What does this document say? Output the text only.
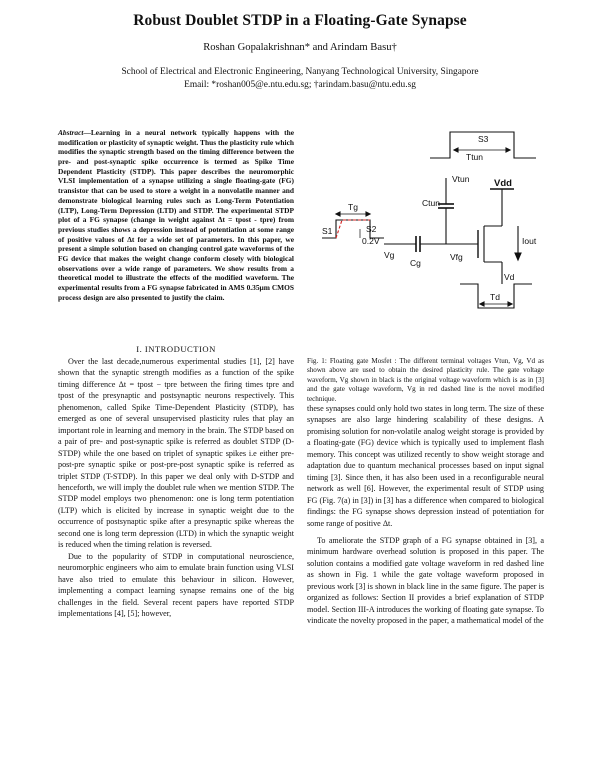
Robust Doublet STDP in a Floating-Gate Synapse
Roshan Gopalakrishnan* and Arindam Basu†
School of Electrical and Electronic Engineering, Nanyang Technological University, Singapore
Email: *roshan005@e.ntu.edu.sg; †arindam.basu@ntu.edu.sg
Abstract—Learning in a neural network typically happens with the modification or plasticity of synaptic weight. Thus the plasticity rule which modifies the synaptic strength based on the timing difference between the pre- and post-synaptic spike occurrence is termed as Spike Time Dependent Plasticity (STDP). This paper describes the neuromorphic VLSI implementation of a synapse utilizing a single floating-gate (FG) transistor that can be used to store a weight in a nonvolatile manner and demonstrate biological learning rules such as Long-Term Potentiation (LTP), Long-Term Depression (LTD) and STDP. The experimental STDP plot of a FG synapse (change in weight against Δt = tpost - tpre) from previous studies shows a depression instead of potentiation at some range of positive values of Δt for a wide set of parameters. In this paper, we present a simple solution based on changing control gate waveforms of the FG device that makes the weight change conform closely with biological observations over a wide range of parameters. We show results from a theoretical model to illustrate the effects of the modified waveform. The experimental results from a FG synapse fabricated in AMS 0.35μm CMOS process design are also presented to justify the claim.
I. INTRODUCTION

Over the last decade,numerous experimental studies [1], [2] have shown that the synaptic strength modifies as a function of the spike timing difference Δt = tpost − tpre between the firing times tpre and tpost of the presynaptic and postsynaptic neurons respectively. This phenomenon, called Spike Time-Dependent Plasticity (STDP), has emerged as one of several unsupervised plasticity rules that play an important role in learning and memory in the brain. The STDP based on a pair of pre- and post-synaptic spike is referred as doublet STDP (D-STDP) while the one based on triplet of synaptic spikes i.e either pre-post-pre synaptic spike or post-pre-post synaptic spike is referred as triplet STDP (T-STDP). In this paper we deal only with D-STDP and henceforth, we will imply the doublet rule when we mention STDP. The STDP model employs two phenomenon: one is long term potentiation (LTP) which is elicited by increase in synaptic weight due to the occurrence of postsynaptic spike after a presynaptic spike whereas the second one is long term depression (LTD) in which the synaptic weight is reduced when the timing relation is reversed.

Due to the popularity of STDP in computational neuroscience, neuromorphic engineers who aim to emulate brain function using VLSI have also tried to emulate this behaviour in silicon. However, implementing a compact learning synapse remains one of the big challenges in the field. Several recent papers have reported STDP implementations [4], [5]; however,

S3
Ttun
Vtun	Vdd
Ctun
Tg
S1	S2
0.2V
Vg
Cg
Vfg
Iout
Vd
Td
Fig. 1: Floating gate Mosfet : The different terminal voltages Vtun, Vg, Vd as shown above are used to obtain the desired plasticity rule. The gate voltage waveform, Vg shown in black is the original voltage waveform which is as in [3] and the gate voltage waveform, Vg in red dashed line is the novel modified technique.

these synapses could only hold two states in long term. The size of these synapses are also large hindering scalability of these designs. A promising solution for non-volatile analog weight storage is provided by a floating-gate (FG) device which is typically used to implement flash memory. This concept was utilized recently to show weight storage and adaptation due to quantum mechanical processes based on input signal timing [3]. Since then, it has also been used in a reconfigurable neural network as well [6]. However, the experimental result of STDP using FG (Fig. 7(a) in [3]) in [3] has a difference when compared to biological findings: the FG synapse shows depression instead of potentiation for some range of positive Δt.

To ameliorate the STDP graph of a FG synapse obtained in [3], a minimum hardware overhead solution is proposed in this paper. The solution contains a modified gate voltage waveform in red dashed line as shown in Fig. 1 while the gate voltage waveform proposed in previous work [3] is shown in black line in the same figure. The paper is organized as follows: Section II provides a brief explanation of STDP model. Section III-A introduces the working of floating gate synapse. To vindicate the novelty proposed in the paper, a mathematical model of the
